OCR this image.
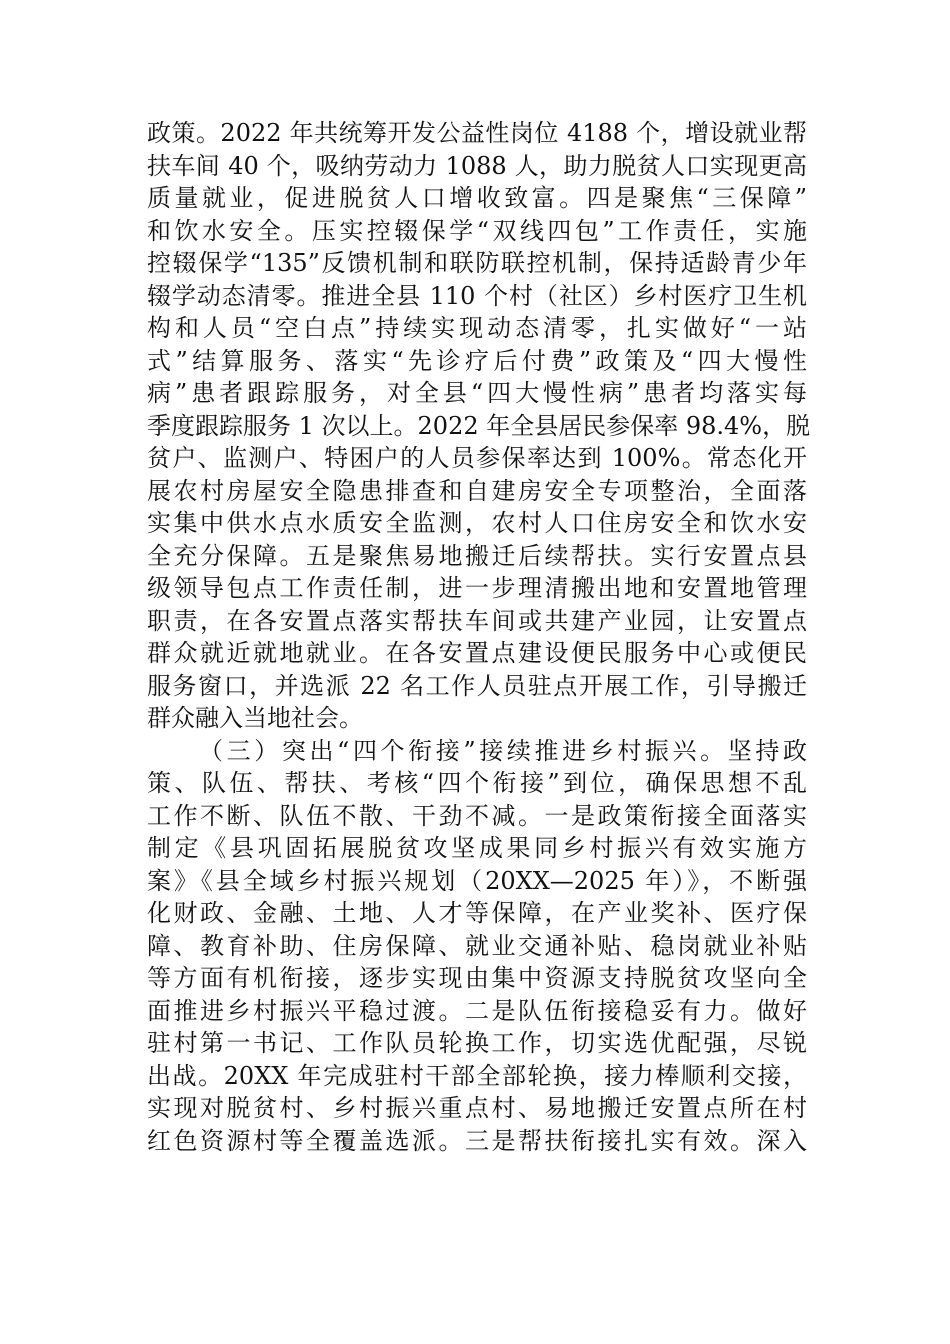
政策。2022 年共统筹开发公益性岗位 4188 个，增设就业帮
扶车间 40 个，吸纳劳动力 1088 人，助力脱贫人口实现更高
质量就业，促进脱贫人口增收致富。四是聚焦“三保障”
和饮水安全。压实控辍保学“双线四包”工作责任，实施
控辍保学“135”反馈机制和联防联控机制，保持适龄青少年
辍学动态清零。推进全县 110 个村（社区）乡村医疗卫生机
构和人员“空白点”持续实现动态清零，扎实做好“一站
式”结算服务、落实“先诊疗后付费”政策及“四大慢性
病”患者跟踪服务，对全县“四大慢性病”患者均落实每
季度跟踪服务 1 次以上。2022 年全县居民参保率 98.4%，脱
贫户、监测户、特困户的人员参保率达到 100%。常态化开
展农村房屋安全隐患排查和自建房安全专项整治，全面落
实集中供水点水质安全监测，农村人口住房安全和饮水安
全充分保障。五是聚焦易地搬迁后续帮扶。实行安置点县
级领导包点工作责任制，进一步理清搬出地和安置地管理
职责，在各安置点落实帮扶车间或共建产业园，让安置点
群众就近就地就业。在各安置点建设便民服务中心或便民
服务窗口，并选派 22 名工作人员驻点开展工作，引导搬迁
群众融入当地社会。
（三）突出“四个衔接”接续推进乡村振兴。坚持政
策、队伍、帮扶、考核“四个衔接”到位，确保思想不乱
工作不断、队伍不散、干劲不减。一是政策衔接全面落实
制定《县巩固拓展脱贫攻坚成果同乡村振兴有效实施方
案》《县全域乡村振兴规划（20XX—2025 年）》，不断强
化财政、金融、土地、人才等保障，在产业奖补、医疗保
障、教育补助、住房保障、就业交通补贴、稳岗就业补贴
等方面有机衔接，逐步实现由集中资源支持脱贫攻坚向全
面推进乡村振兴平稳过渡。二是队伍衔接稳妥有力。做好
驻村第一书记、工作队员轮换工作，切实选优配强，尽锐
出战。20XX 年完成驻村干部全部轮换，接力棒顺利交接，
实现对脱贫村、乡村振兴重点村、易地搬迁安置点所在村
红色资源村等全覆盖选派。三是帮扶衔接扎实有效。深入
